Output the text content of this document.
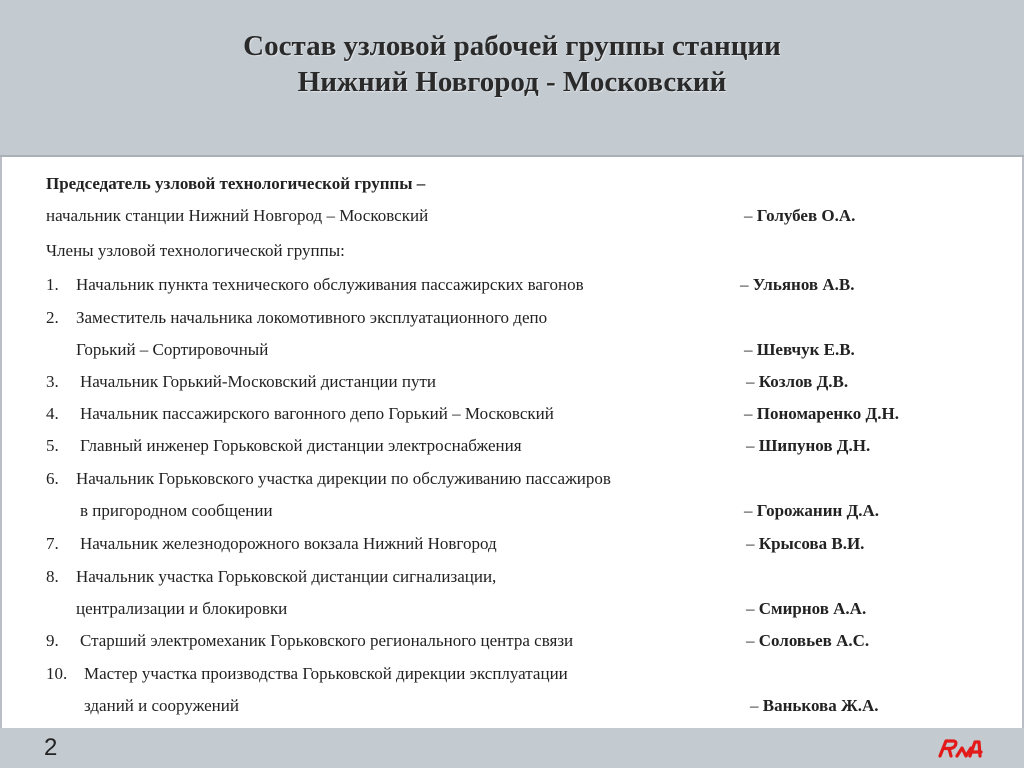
Состав узловой рабочей группы станции
Нижний Новгород - Московский
Председатель узловой технологической группы –
начальник станции Нижний Новгород – Московский	– Голубев О.А.
Члены узловой технологической группы:
1. Начальник пункта технического обслуживания пассажирских вагонов	– Ульянов А.В.
2. Заместитель начальника локомотивного эксплуатационного депо
Горький – Сортировочный	– Шевчук Е.В.
3. Начальник Горький-Московский дистанции пути	– Козлов Д.В.
4. Начальник пассажирского вагонного депо Горький – Московский	– Пономаренко Д.Н.
5. Главный инженер Горьковской дистанции электроснабжения	– Шипунов Д.Н.
6. Начальник Горьковского участка дирекции по обслуживанию пассажиров
в пригородном сообщении	– Горожанин Д.А.
7. Начальник железнодорожного вокзала Нижний Новгород	– Крысова В.И.
8. Начальник участка Горьковской дистанции сигнализации,
централизации и блокировки	– Смирнов А.А.
9. Старший электромеханик Горьковского регионального центра связи	– Соловьев А.С.
10. Мастер участка производства Горьковской дирекции эксплуатации
зданий и сооружений	– Ванькова Ж.А.
2
